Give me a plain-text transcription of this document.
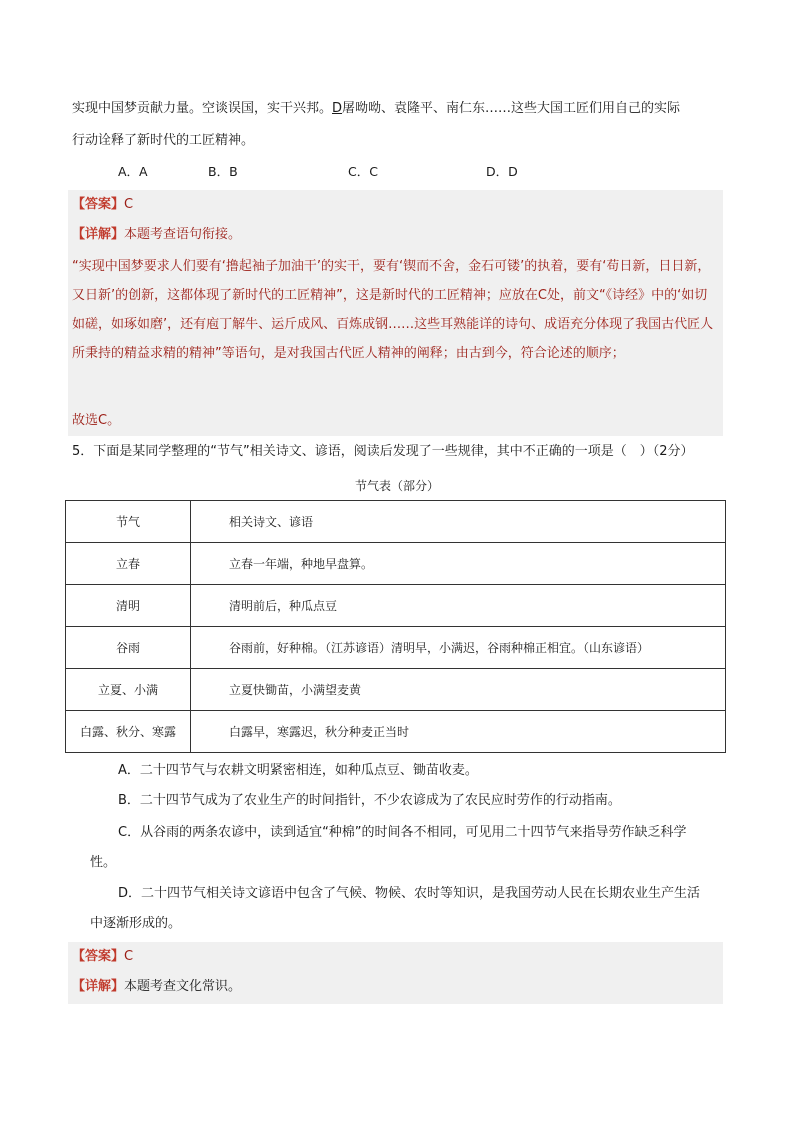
实现中国梦贡献力量。空谈误国，实干兴邦。D屠呦呦、袁隆平、南仁东……这些大国工匠们用自己的实际
行动诠释了新时代的工匠精神。
A．A	B．B	C．C	D．D
【答案】C
【详解】本题考查语句衔接。

“实现中国梦要求人们要有‘撸起袖子加油干’的实干，要有‘锲而不舍，金石可镂’的执着，要有‘苟日新，日日新，又日新’的创新，这都体现了新时代的工匠精神”，这是新时代的工匠精神；应放在C处，前文“《诗经》中的‘如切如磋，如琢如磨’，还有庖丁解牛、运斤成风、百炼成钢……这些耳熟能详的诗句、成语充分体现了我国古代匠人所秉持的精益求精的精神”等语句，是对我国古代匠人精神的阐释；由古到今，符合论述的顺序；

故选C。
5．下面是某同学整理的“节气”相关诗文、谚语，阅读后发现了一些规律，其中不正确的一项是（　）（2分）
节气表（部分）
节气	相关诗文、谚语
立春	立春一年端，种地早盘算。
清明	清明前后，种瓜点豆
谷雨	谷雨前，好种棉。（江苏谚语）清明早，小满迟，谷雨种棉正相宜。（山东谚语）
立夏、小满	立夏快锄苗，小满望麦黄
白露、秋分、寒露	白露早，寒露迟，秋分种麦正当时
A．二十四节气与农耕文明紧密相连，如种瓜点豆、锄苗收麦。
B．二十四节气成为了农业生产的时间指针，不少农谚成为了农民应时劳作的行动指南。

C．从谷雨的两条农谚中，读到适宜“种棉”的时间各不相同，可见用二十四节气来指导劳作缺乏科学性。

D．二十四节气相关诗文谚语中包含了气候、物候、农时等知识，是我国劳动人民在长期农业生产生活中逐渐形成的。

【答案】C
【详解】本题考查文化常识。
